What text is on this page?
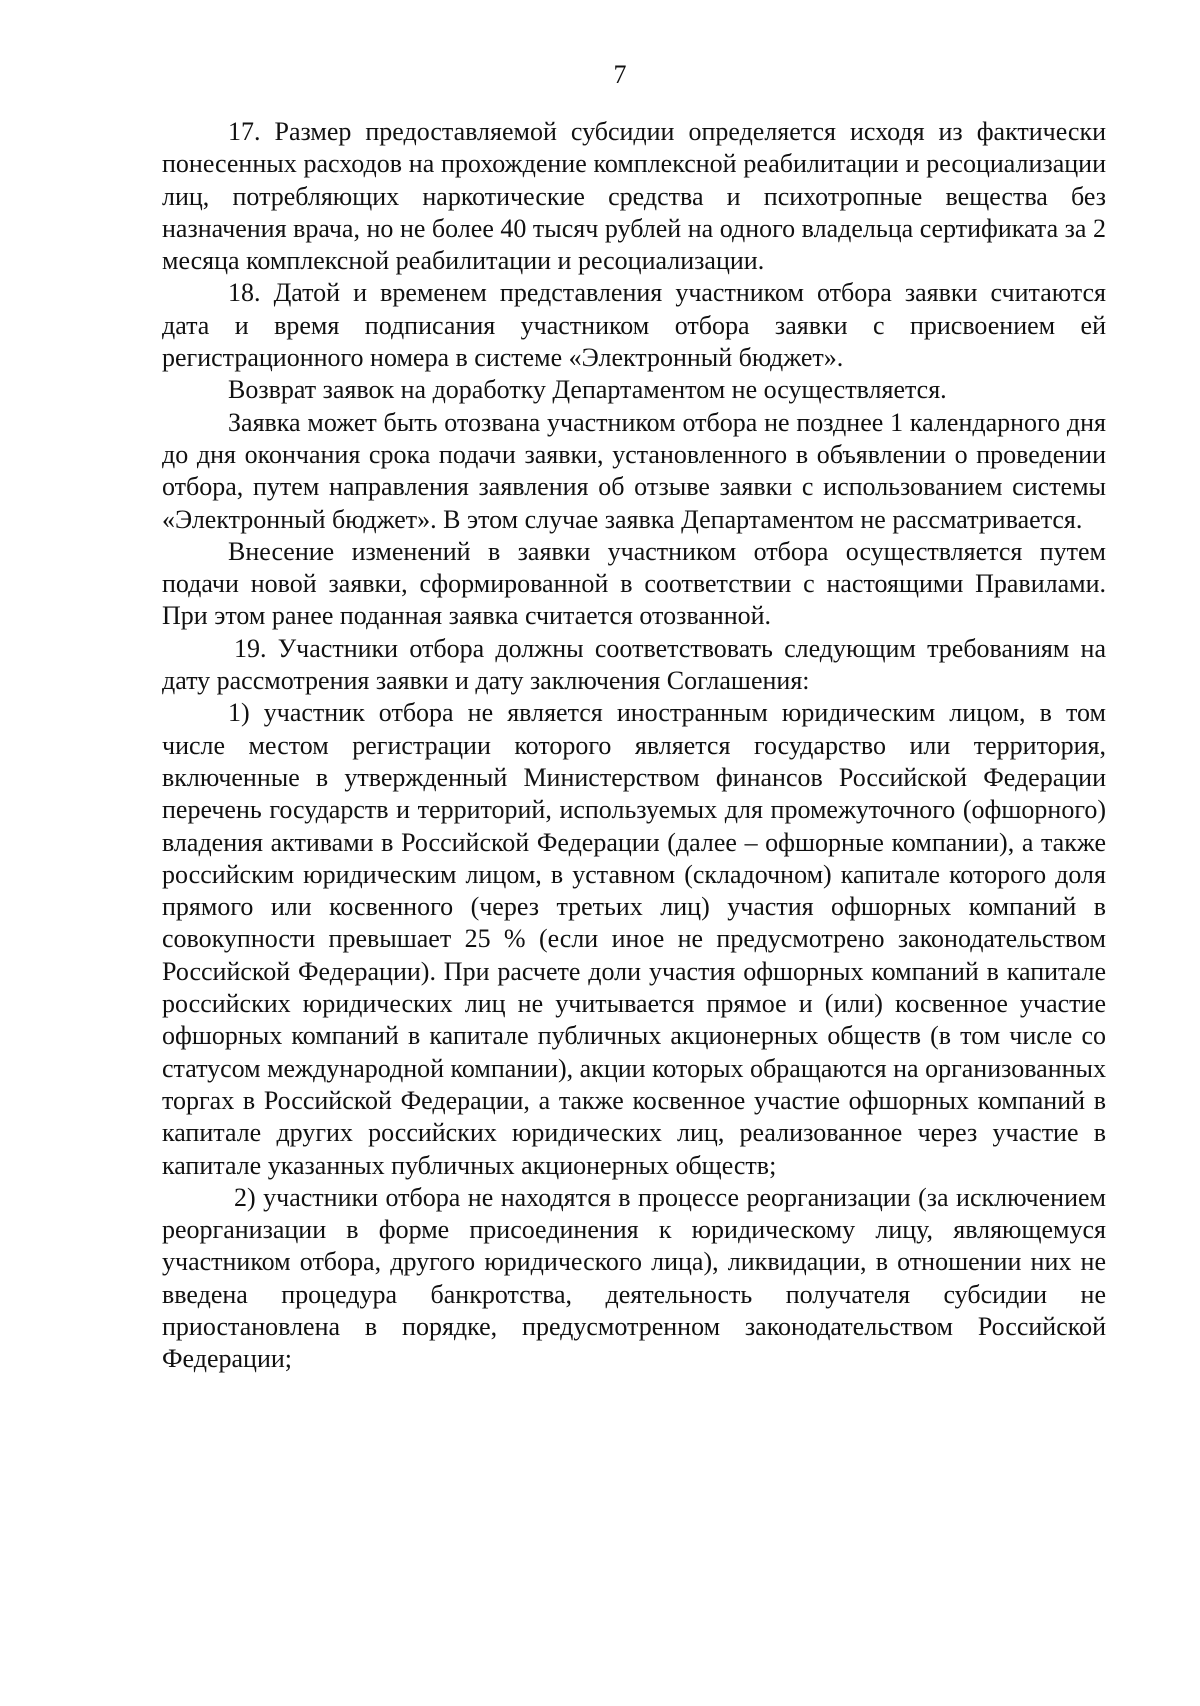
7

17. Размер предоставляемой субсидии определяется исходя из фактически понесенных расходов на прохождение комплексной реабилитации и ресоциализации лиц, потребляющих наркотические средства и психотропные вещества без назначения врача, но не более 40 тысяч рублей на одного владельца сертификата за 2 месяца комплексной реабилитации и ресоциализации.

18. Датой и временем представления участником отбора заявки считаются дата и время подписания участником отбора заявки с присвоением ей регистрационного номера в системе «Электронный бюджет».

Возврат заявок на доработку Департаментом не осуществляется.

Заявка может быть отозвана участником отбора не позднее 1 календарного дня до дня окончания срока подачи заявки, установленного в объявлении о проведении отбора, путем направления заявления об отзыве заявки с использованием системы «Электронный бюджет». В этом случае заявка Департаментом не рассматривается.

Внесение изменений в заявки участником отбора осуществляется путем подачи новой заявки, сформированной в соответствии с настоящими Правилами. При этом ранее поданная заявка считается отозванной.

19. Участники отбора должны соответствовать следующим требованиям на дату рассмотрения заявки и дату заключения Соглашения:

1) участник отбора не является иностранным юридическим лицом, в том числе местом регистрации которого является государство или территория, включенные в утвержденный Министерством финансов Российской Федерации перечень государств и территорий, используемых для промежуточного (офшорного) владения активами в Российской Федерации (далее – офшорные компании), а также российским юридическим лицом, в уставном (складочном) капитале которого доля прямого или косвенного (через третьих лиц) участия офшорных компаний в совокупности превышает 25 % (если иное не предусмотрено законодательством Российской Федерации). При расчете доли участия офшорных компаний в капитале российских юридических лиц не учитывается прямое и (или) косвенное участие офшорных компаний в капитале публичных акционерных обществ (в том числе со статусом международной компании), акции которых обращаются на организованных торгах в Российской Федерации, а также косвенное участие офшорных компаний в капитале других российских юридических лиц, реализованное через участие в капитале указанных публичных акционерных обществ;

2) участники отбора не находятся в процессе реорганизации (за исключением реорганизации в форме присоединения к юридическому лицу, являющемуся участником отбора, другого юридического лица), ликвидации, в отношении них не введена процедура банкротства, деятельность получателя субсидии не приостановлена в порядке, предусмотренном законодательством Российской Федерации;
